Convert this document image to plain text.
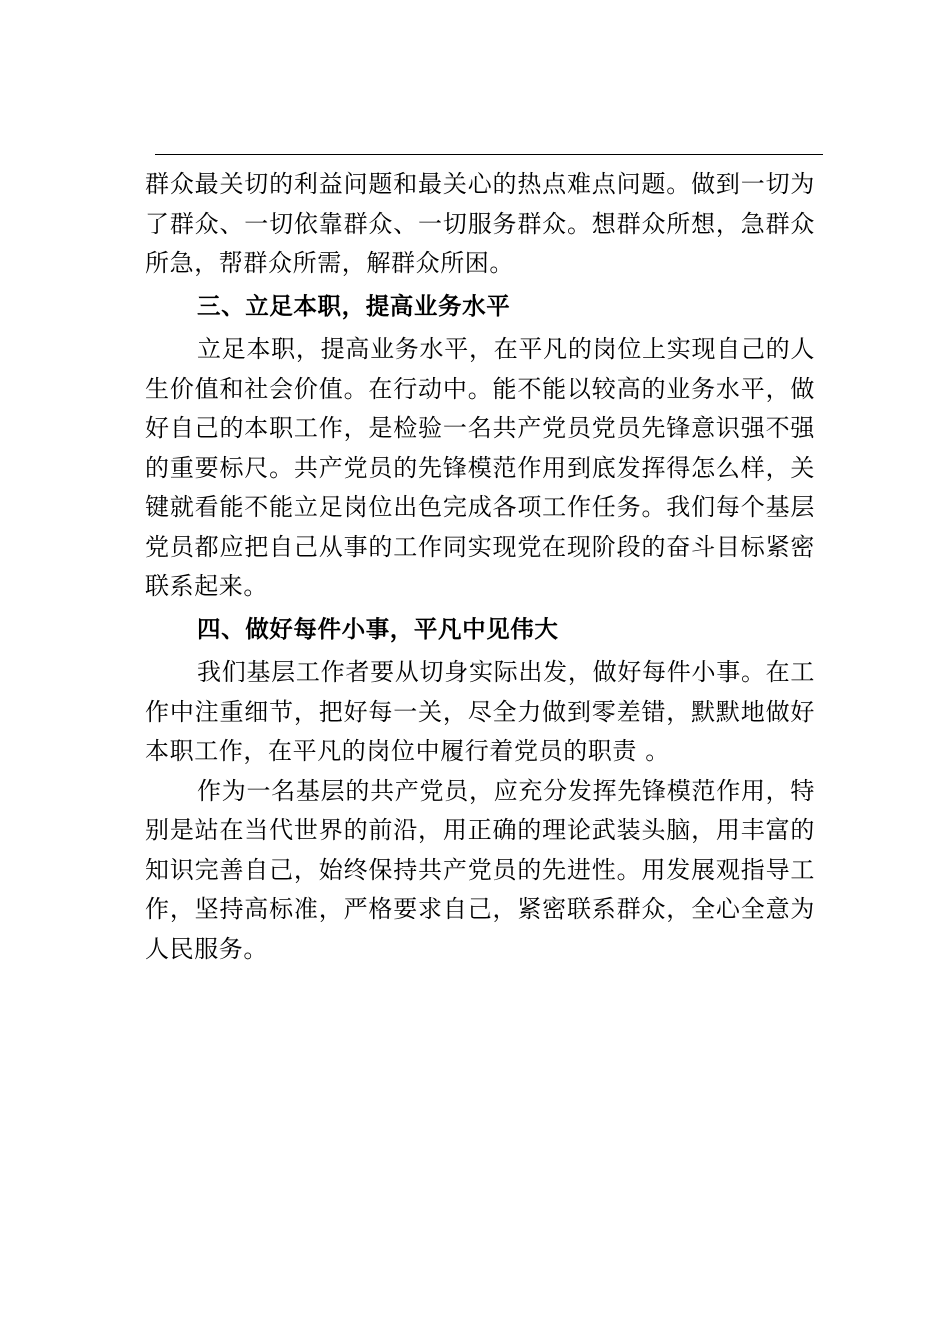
群众最关切的利益问题和最关心的热点难点问题。做到一切为了群众、一切依靠群众、一切服务群众。想群众所想，急群众所急，帮群众所需，解群众所困。

三、立足本职，提高业务水平

立足本职，提高业务水平，在平凡的岗位上实现自己的人生价值和社会价值。在行动中。能不能以较高的业务水平，做好自己的本职工作，是检验一名共产党员党员先锋意识强不强的重要标尺。共产党员的先锋模范作用到底发挥得怎么样，关键就看能不能立足岗位出色完成各项工作任务。我们每个基层党员都应把自己从事的工作同实现党在现阶段的奋斗目标紧密联系起来。

四、做好每件小事，平凡中见伟大

我们基层工作者要从切身实际出发，做好每件小事。在工作中注重细节，把好每一关，尽全力做到零差错，默默地做好本职工作，在平凡的岗位中履行着党员的职责 。

作为一名基层的共产党员，应充分发挥先锋模范作用，特别是站在当代世界的前沿，用正确的理论武装头脑，用丰富的知识完善自己，始终保持共产党员的先进性。用发展观指导工作，坚持高标准，严格要求自己，紧密联系群众，全心全意为人民服务。
